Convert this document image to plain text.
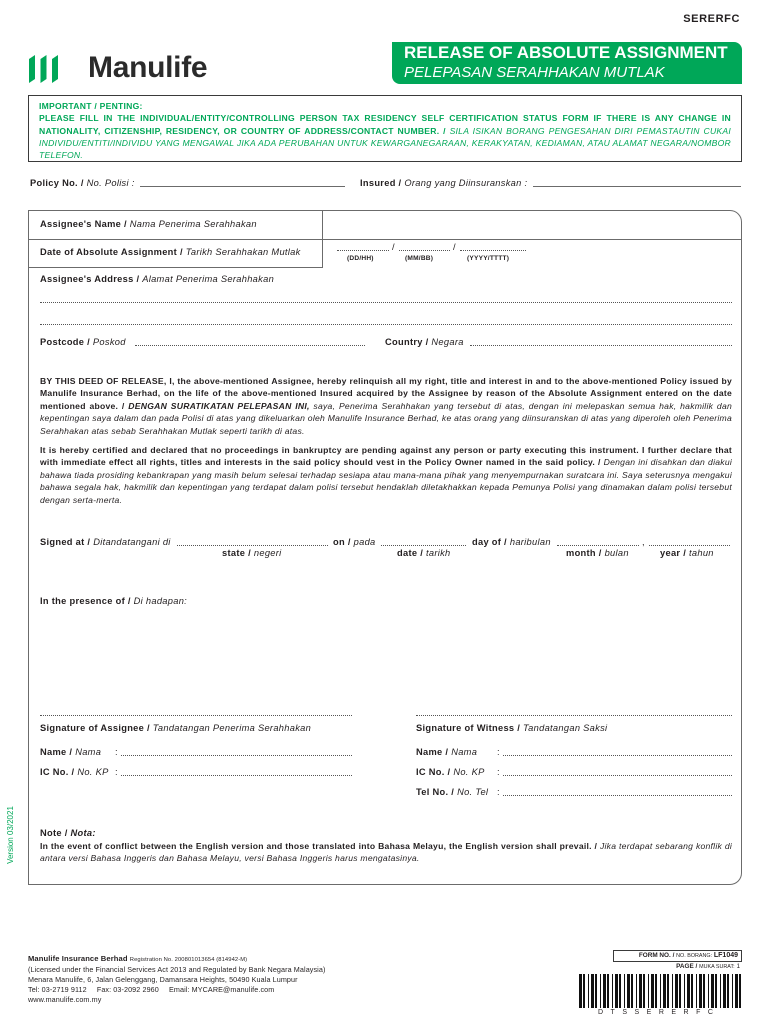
SERERFC
Manulife	RELEASE OF ABSOLUTE ASSIGNMENT
PELEPASAN SERAHHAKAN MUTLAK
IMPORTANT / PENTING:
PLEASE FILL IN THE INDIVIDUAL/ENTITY/CONTROLLING PERSON TAX RESIDENCY SELF CERTIFICATION STATUS FORM IF THERE IS ANY CHANGE IN NATIONALITY, CITIZENSHIP, RESIDENCY, OR COUNTRY OF ADDRESS/CONTACT NUMBER. / SILA ISIKAN BORANG PENGESAHAN DIRI PEMASTAUTIN CUKAI INDIVIDU/ENTITI/INDIVIDU YANG MENGAWAL JIKA ADA PERUBAHAN UNTUK KEWARGANEGARAAN, KERAKYATAN, KEDIAMAN, ATAU ALAMAT NEGARA/NOMBOR TELEFON.
Policy No. / No. Polisi :	Insured / Orang yang Diinsuranskan :
Assignee's Name / Nama Penerima Serahhakan
Date of Absolute Assignment / Tarikh Serahhakan Mutlak	/	/
(DD/HH)	(MM/BB)	(YYYY/TTTT)
Assignee's Address / Alamat Penerima Serahhakan
Postcode / Poskod	Country / Negara
BY THIS DEED OF RELEASE, I, the above-mentioned Assignee, hereby relinquish all my right, title and interest in and to the above-mentioned Policy issued by Manulife Insurance Berhad, on the life of the above-mentioned Insured acquired by the Assignee by reason of the Absolute Assignment entered on the date mentioned above. / DENGAN SURATIKATAN PELEPASAN INI, saya, Penerima Serahhakan yang tersebut di atas, dengan ini melepaskan semua hak, hakmilik dan kepentingan saya dalam dan pada Polisi di atas yang dikeluarkan oleh Manulife Insurance Berhad, ke atas orang yang diinsuranskan di atas yang diperoleh oleh Penerima Serahhakan atas sebab Serahhakan Mutlak seperti tarikh di atas.
It is hereby certified and declared that no proceedings in bankruptcy are pending against any person or party executing this instrument. I further declare that with immediate effect all rights, titles and interests in the said policy should vest in the Policy Owner named in the said policy. / Dengan ini disahkan dan diakui bahawa tiada prosiding kebankrapan yang masih belum selesai terhadap sesiapa atau mana-mana pihak yang menyempurnakan suratcara ini. Saya seterusnya mengakui bahawa segala hak, hakmilik dan kepentingan yang terdapat dalam polisi tersebut hendaklah diletakhakkan kepada Pemunya Polisi yang dinamakan dalam polisi tersebut dengan serta-merta.
Signed at / Ditandatangani di	on / pada	day of / haribulan	,
state / negeri	date / tarikh	month / bulan	year / tahun
In the presence of / Di hadapan:
Signature of Assignee / Tandatangan Penerima Serahhakan	Signature of Witness / Tandatangan Saksi
Name / Nama :	Name / Nama :
IC No. / No. KP :	IC No. / No. KP :
Tel No. / No. Tel :
Note / Nota:
In the event of conflict between the English version and those translated into Bahasa Melayu, the English version shall prevail. / Jika terdapat sebarang konflik di antara versi Bahasa Inggeris dan Bahasa Melayu, versi Bahasa Inggeris harus mengatasinya.
Version 03/2021
Manulife Insurance Berhad Registration No. 200801013654 (814942-M)
(Licensed under the Financial Services Act 2013 and Regulated by Bank Negara Malaysia)
Menara Manulife, 6, Jalan Gelenggang, Damansara Heights, 50490 Kuala Lumpur
Tel: 03-2719 9112 Fax: 03-2092 2960 Email: MYCARE@manulife.com
www.manulife.com.my
FORM NO. / NO. BORANG: LF1049
PAGE / MUKA SURAT: 1
DTSSERERFC
